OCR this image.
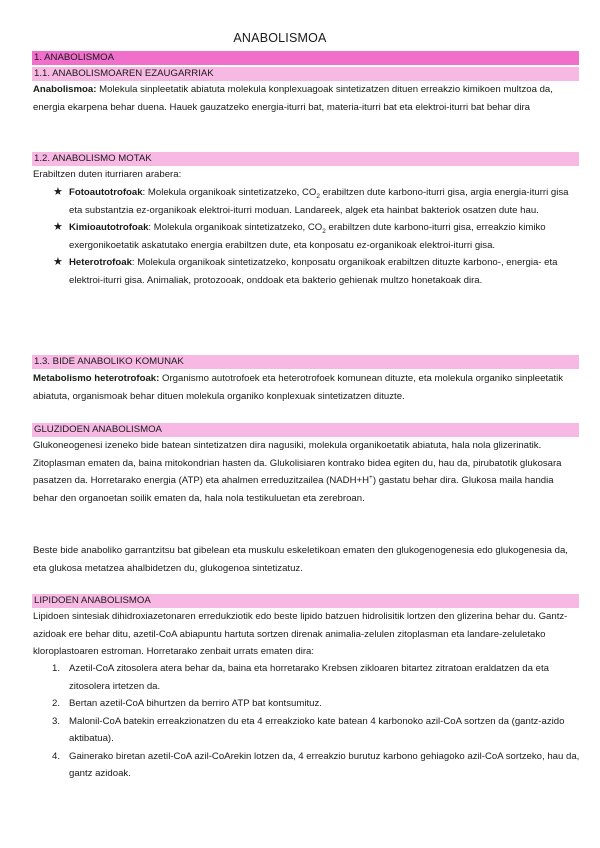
ANABOLISMOA
1. ANABOLISMOA
1.1. ANABOLISMOAREN EZAUGARRIAK
Anabolismoa: Molekula sinpleetatik abiatuta molekula konplexuagoak sintetizatzen dituen erreakzio kimikoen multzoa da, energia ekarpena behar duena. Hauek gauzatzeko energia-iturri bat, materia-iturri bat eta elektroi-iturri bat behar dira
1.2. ANABOLISMO MOTAK
Erabiltzen duten iturriaren arabera:
★ Fotoautotrofoak: Molekula organikoak sintetizatzeko, $CO_2$ erabiltzen dute karbono-iturri gisa, argia energia-iturri gisa eta substantzia ez-organikoak elektroi-iturri moduan. Landareek, algek eta hainbat bakteriok osatzen dute hau.
★ Kimioautotrofoak: Molekula organikoak sintetizatzeko, $CO_2$ erabiltzen dute karbono-iturri gisa, erreakzio kimiko exergonikoetatik askatutako energia erabiltzen dute, eta konposatu ez-organikoak elektroi-iturri gisa.
★ Heterotrofoak: Molekula organikoak sintetizatzeko, konposatu organikoak erabiltzen dituzte karbono-, energia- eta elektroi-iturri gisa. Animaliak, protozooak, onddoak eta bakterio gehienak multzo honetakoak dira.
1.3. BIDE ANABOLIKO KOMUNAK
Metabolismo heterotrofoak: Organismo autotrofoek eta heterotrofoek komunean dituzte, eta molekula organiko sinpleetatik abiatuta, organismoak behar dituen molekula organiko konplexuak sintetizatzen dituzte.
GLUZIDOEN ANABOLISMOA
Glukoneogenesi izeneko bide batean sintetizatzen dira nagusiki, molekula organikoetatik abiatuta, hala nola glizerinatik. Zitoplasman ematen da, baina mitokondrian hasten da. Glukolisiaren kontrako bidea egiten du, hau da, pirubatotik glukosara pasatzen da. Horretarako energia (ATP) eta ahalmen erreduzitzailea (NADH+H+) gastatu behar dira. Glukosa maila handia behar den organoetan soilik ematen da, hala nola testikuluetan eta zerebroan.
Beste bide anaboliko garrantzitsu bat gibelean eta muskulu eskeletikoan ematen den glukogenogenesia edo glukogenesia da, eta glukosa metatzea ahalbidetzen du, glukogenoa sintetizatuz.
LIPIDOEN ANABOLISMOA
Lipidoen sintesiak dihidroxiazetonaren erredukziotik edo beste lipido batzuen hidrolisitik lortzen den glizerina behar du. Gantz-azidoak ere behar ditu, azetil-CoA abiapuntu hartuta sortzen direnak animalia-zelulen zitoplasman eta landare-zeluletako kloroplastoaren estroman. Horretarako zenbait urrats ematen dira:
1. Azetil-CoA zitosolera atera behar da, baina eta horretarako Krebsen zikloaren bitartez zitratoan eraldatzen da eta zitosolera irtetzen da.
2. Bertan azetil-CoA bihurtzen da berriro ATP bat kontsumituz.
3. Malonil-CoA batekin erreakzionatzen du eta 4 erreakzioko kate batean 4 karbonoko azil-CoA sortzen da (gantz-azido aktibatua).
4. Gainerako biretan azetil-CoA azil-CoArekin lotzen da, 4 erreakzio burutuz karbono gehiagoko azil-CoA sortzeko, hau da, gantz azidoak.
